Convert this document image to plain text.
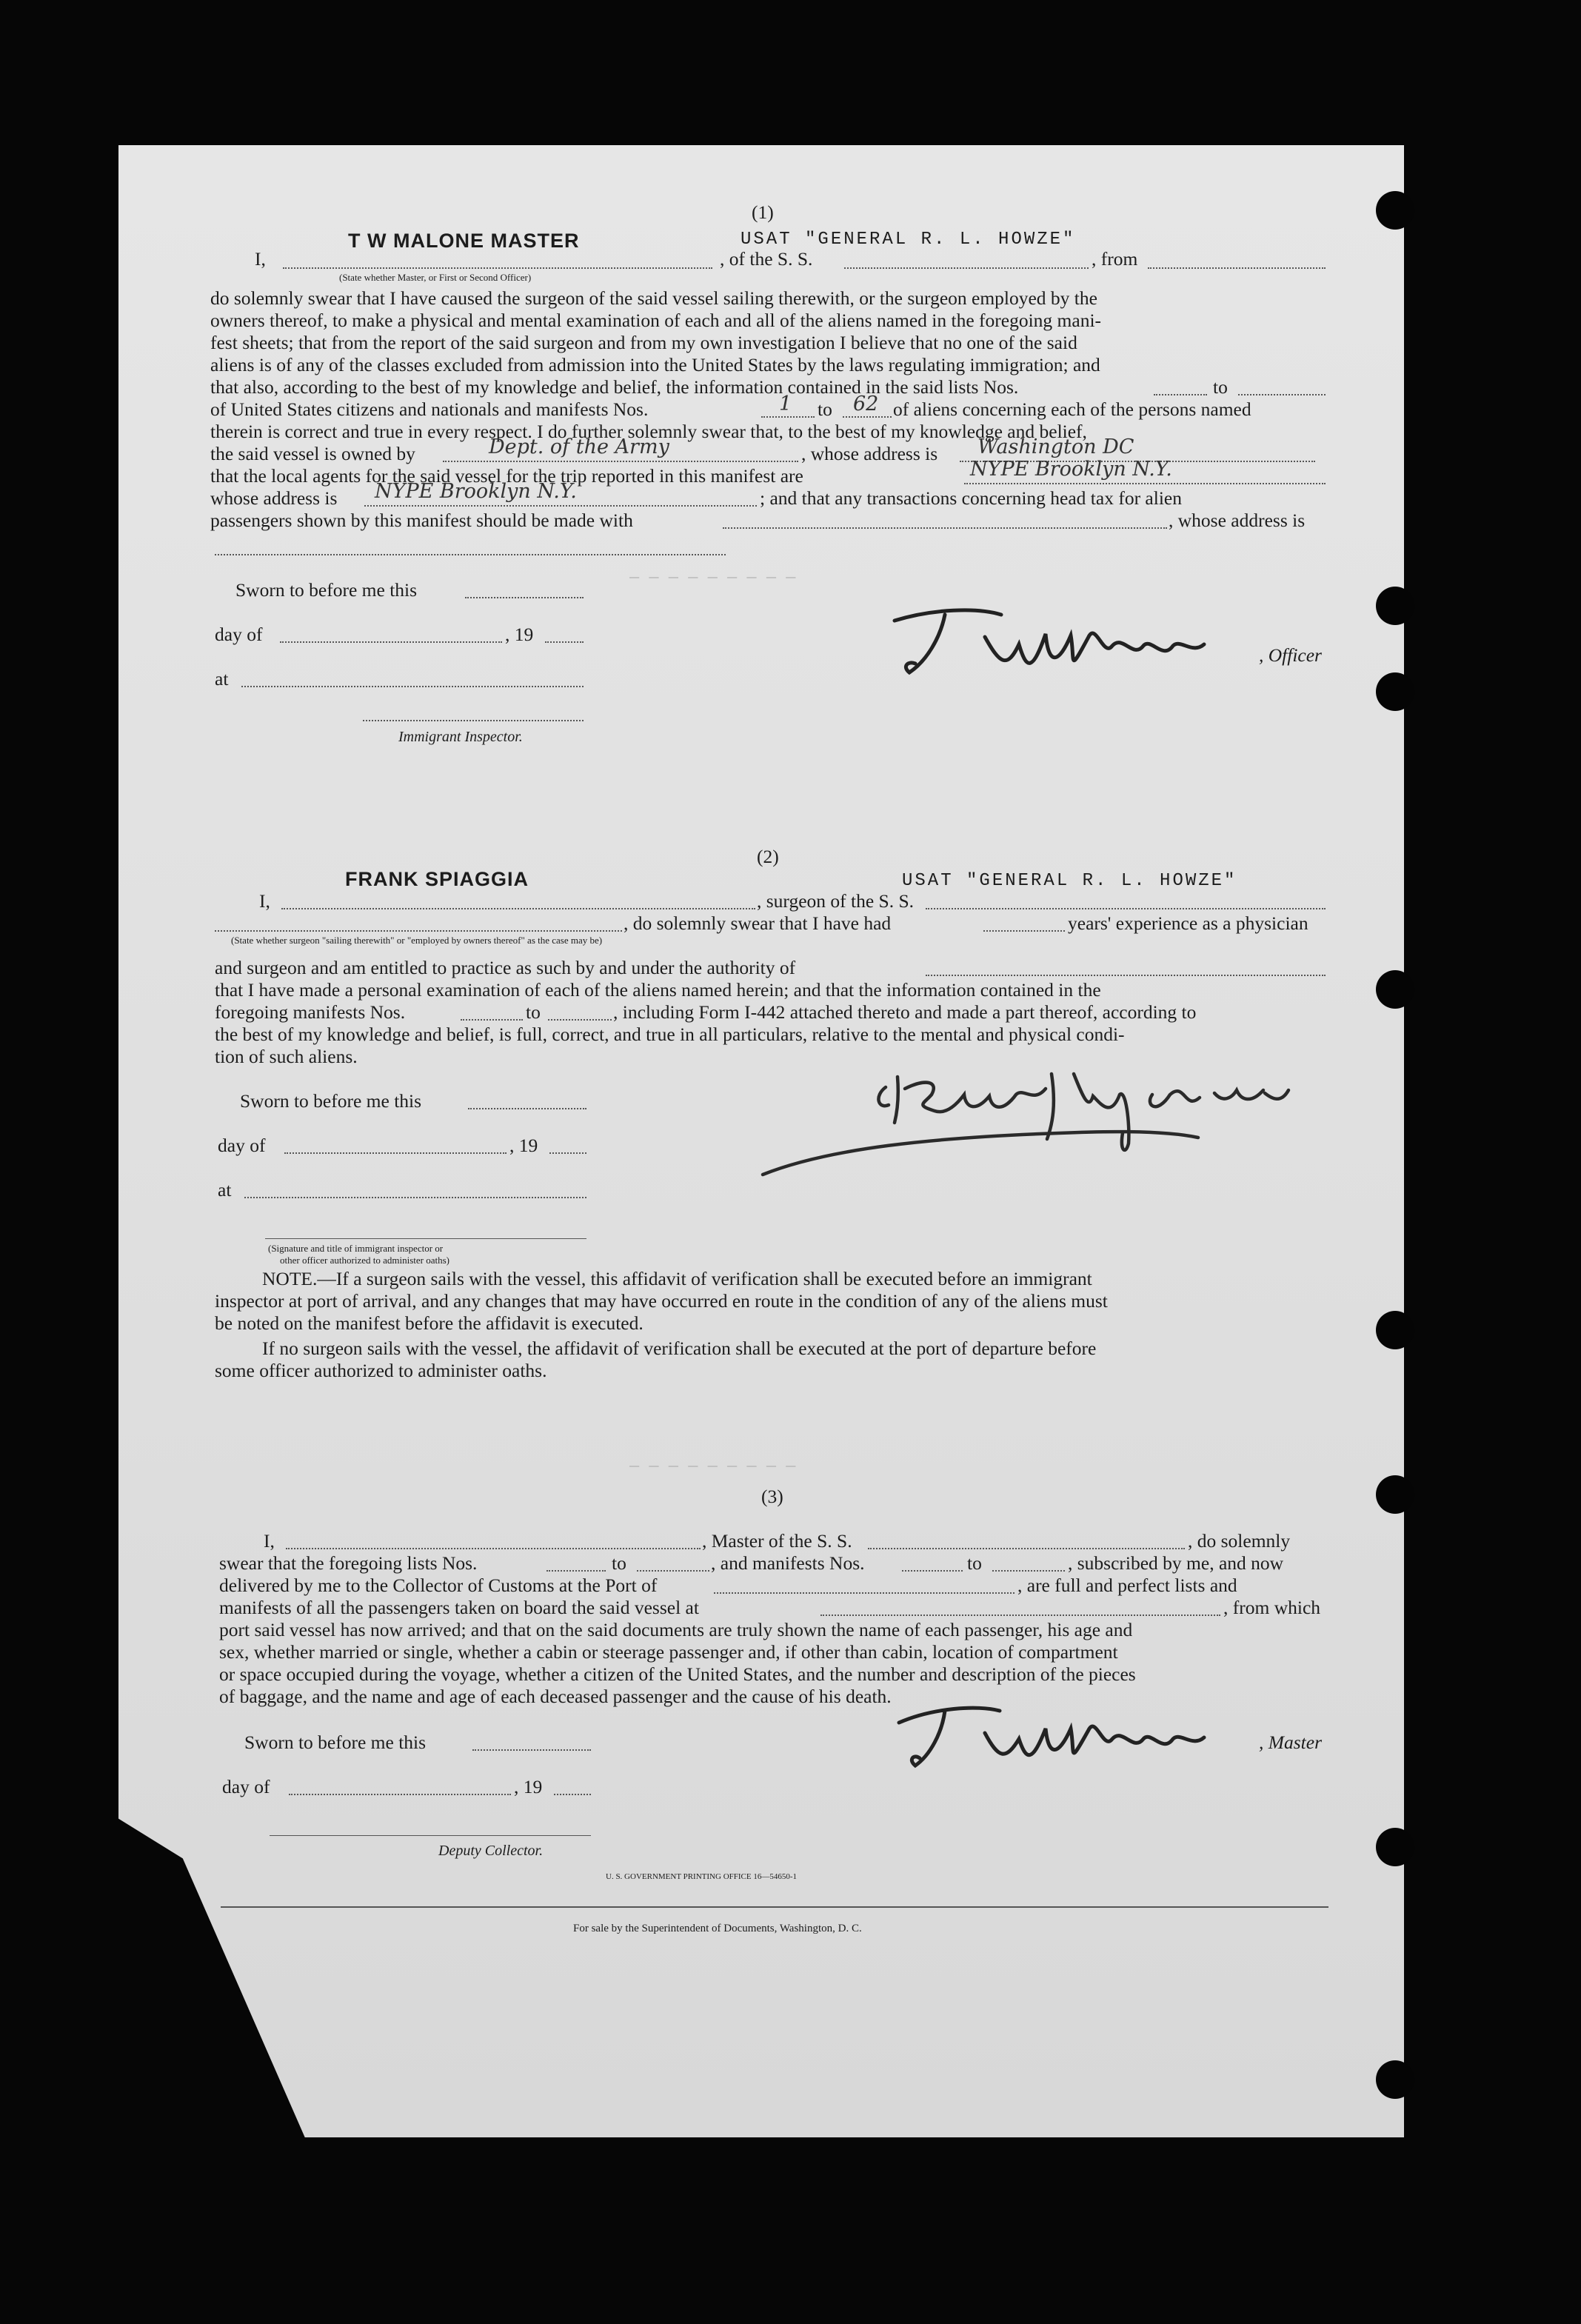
_ _ _ _ _ _ _ _ _
_ _ _ _ _ _ _ _ _
(1)
T W MALONE MASTER	USAT "GENERAL R. L. HOWZE"
I,	, of the S. S.	, from
(State whether Master, or First or Second Officer)
do solemnly swear that I have caused the surgeon of the said vessel sailing therewith, or the surgeon employed by the
owners thereof, to make a physical and mental examination of each and all of the aliens named in the foregoing mani-
fest sheets; that from the report of the said surgeon and from my own investigation I believe that no one of the said
aliens is of any of the classes excluded from admission into the United States by the laws regulating immigration; and
that also, according to the best of my knowledge and belief, the information contained in the said lists Nos.	to
of United States citizens and nationals and manifests Nos.	1 to 62 of aliens concerning each of the persons named
therein is correct and true in every respect. I do further solemnly swear that, to the best of my knowledge and belief,
the said vessel is owned by	Dept. of the Army	, whose address is Washington DC
that the local agents for the said vessel for the trip reported in this manifest are	NYPE Brooklyn N.Y.
whose address is NYPE Brooklyn N.Y.	; and that any transactions concerning head tax for alien
passengers shown by this manifest should be made with	, whose address is
Sworn to before me this
day of	, 19
at
Immigrant Inspector.
, Officer
(2)
FRANK SPIAGGIA	USAT "GENERAL R. L. HOWZE"
I,	, surgeon of the S. S.
, do solemnly swear that I have had	years' experience as a physician
(State whether surgeon "sailing therewith" or "employed by owners thereof" as the case may be)
and surgeon and am entitled to practice as such by and under the authority of
that I have made a personal examination of each of the aliens named herein; and that the information contained in the
foregoing manifests Nos.	to	, including Form I-442 attached thereto and made a part thereof, according to
the best of my knowledge and belief, is full, correct, and true in all particulars, relative to the mental and physical condi-
tion of such aliens.
Sworn to before me this
day of	, 19
at
(Signature and title of immigrant inspector or
other officer authorized to administer oaths)
NOTE.—If a surgeon sails with the vessel, this affidavit of verification shall be executed before an immigrant
inspector at port of arrival, and any changes that may have occurred en route in the condition of any of the aliens must
be noted on the manifest before the affidavit is executed.
If no surgeon sails with the vessel, the affidavit of verification shall be executed at the port of departure before
some officer authorized to administer oaths.
(3)
I,	, Master of the S. S.	, do solemnly
swear that the foregoing lists Nos.	to	, and manifests Nos.	to	, subscribed by me, and now
delivered by me to the Collector of Customs at the Port of	, are full and perfect lists and
manifests of all the passengers taken on board the said vessel at	, from which
port said vessel has now arrived; and that on the said documents are truly shown the name of each passenger, his age and
sex, whether married or single, whether a cabin or steerage passenger and, if other than cabin, location of compartment
or space occupied during the voyage, whether a citizen of the United States, and the number and description of the pieces
of baggage, and the name and age of each deceased passenger and the cause of his death.
Sworn to before me this
day of	, 19
Deputy Collector.
, Master
U. S. GOVERNMENT PRINTING OFFICE 16—54650-1
For sale by the Superintendent of Documents, Washington, D. C.
